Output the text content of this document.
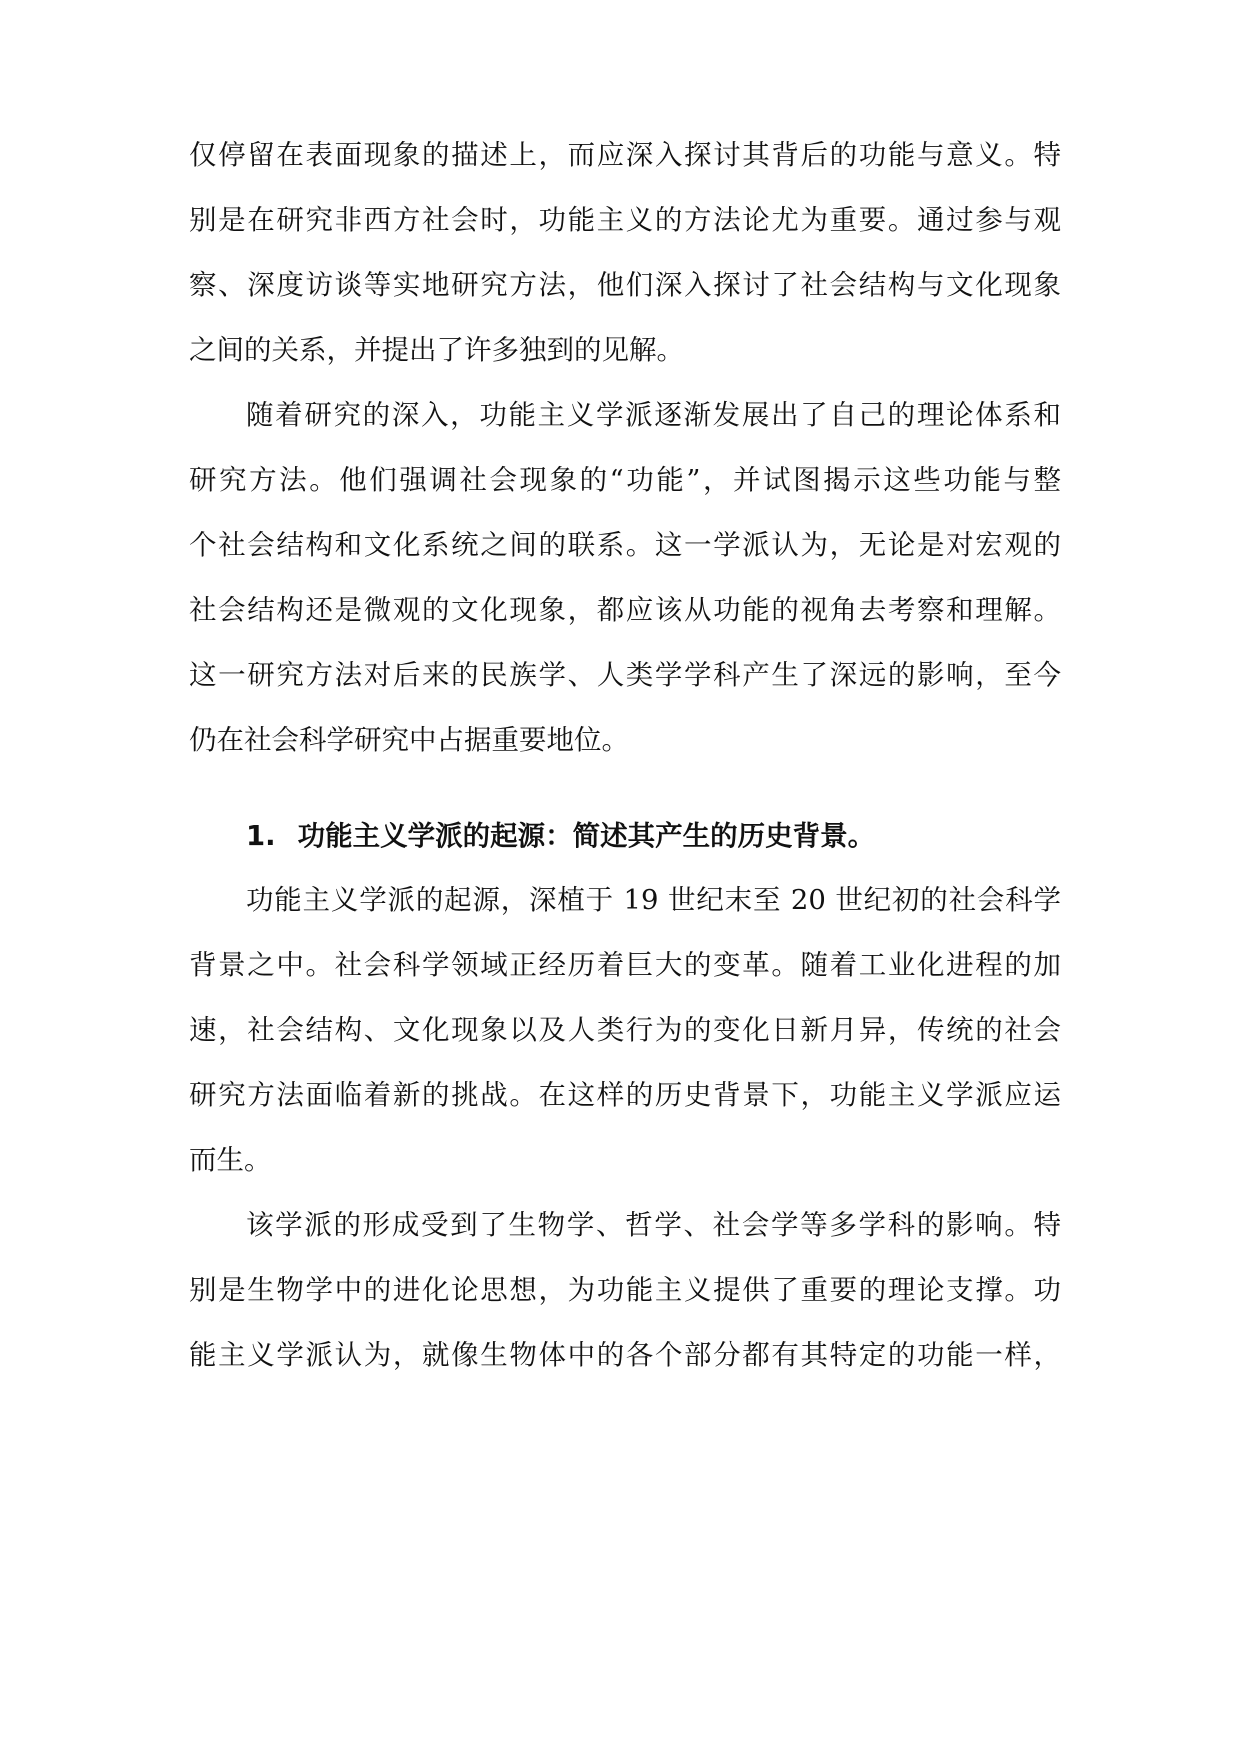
仅停留在表面现象的描述上，而应深入探讨其背后的功能与意义。特
别是在研究非西方社会时，功能主义的方法论尤为重要。通过参与观
察、深度访谈等实地研究方法，他们深入探讨了社会结构与文化现象
之间的关系，并提出了许多独到的见解。
随着研究的深入，功能主义学派逐渐发展出了自己的理论体系和
研究方法。他们强调社会现象的“功能”，并试图揭示这些功能与整
个社会结构和文化系统之间的联系。这一学派认为，无论是对宏观的
社会结构还是微观的文化现象，都应该从功能的视角去考察和理解。
这一研究方法对后来的民族学、人类学学科产生了深远的影响，至今
仍在社会科学研究中占据重要地位。
1. 功能主义学派的起源：简述其产生的历史背景。
功能主义学派的起源，深植于 19 世纪末至 20 世纪初的社会科学
背景之中。社会科学领域正经历着巨大的变革。随着工业化进程的加
速，社会结构、文化现象以及人类行为的变化日新月异，传统的社会
研究方法面临着新的挑战。在这样的历史背景下，功能主义学派应运
而生。
该学派的形成受到了生物学、哲学、社会学等多学科的影响。特
别是生物学中的进化论思想，为功能主义提供了重要的理论支撑。功
能主义学派认为，就像生物体中的各个部分都有其特定的功能一样，
